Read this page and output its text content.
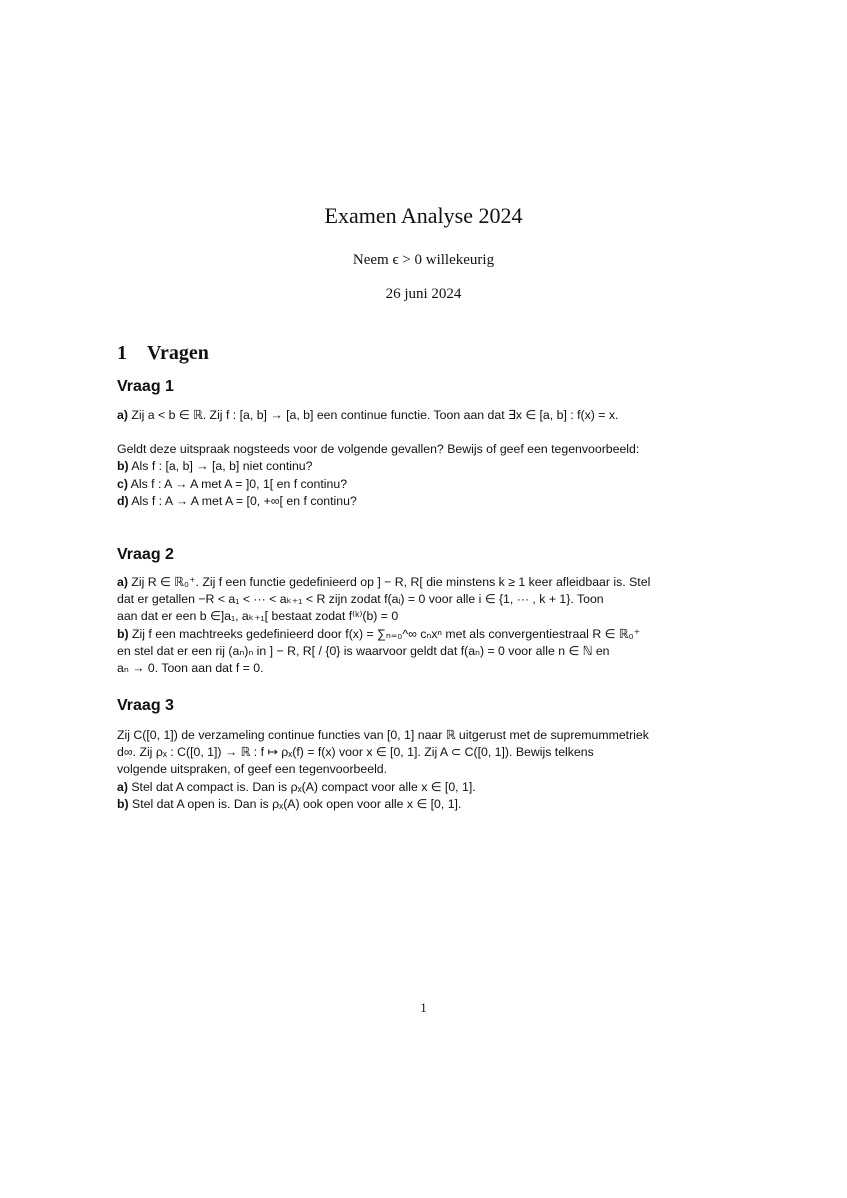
Examen Analyse 2024
Neem ϵ > 0 willekeurig
26 juni 2024
1 Vragen
Vraag 1
a) Zij a < b ∈ ℝ. Zij f : [a, b] → [a, b] een continue functie. Toon aan dat ∃x ∈ [a, b] : f(x) = x.
Geldt deze uitspraak nogsteeds voor de volgende gevallen? Bewijs of geef een tegenvoorbeeld:
b) Als f : [a, b] → [a, b] niet continu?
c) Als f : A → A met A = ]0, 1[ en f continu?
d) Als f : A → A met A = [0, +∞[ en f continu?
Vraag 2
a) Zij R ∈ ℝ₀⁺. Zij f een functie gedefinieerd op ] − R, R[ die minstens k ≥ 1 keer afleidbaar is. Stel
dat er getallen −R < a₁ < ··· < aₖ₊₁ < R zijn zodat f(aᵢ) = 0 voor alle i ∈ {1, ··· , k + 1}. Toon
aan dat er een b ∈]a₁, aₖ₊₁[ bestaat zodat f⁽ᵏ⁾(b) = 0
b) Zij f een machtreeks gedefinieerd door f(x) = ∑ₙ₌₀^∞ cₙxⁿ met als convergentiestraal R ∈ ℝ₀⁺
en stel dat er een rij (aₙ)ₙ in ] − R, R[ / {0} is waarvoor geldt dat f(aₙ) = 0 voor alle n ∈ ℕ en
aₙ → 0. Toon aan dat f = 0.
Vraag 3
Zij C([0, 1]) de verzameling continue functies van [0, 1] naar ℝ uitgerust met de supremummetriek
d∞. Zij ρₓ : C([0, 1]) → ℝ : f ↦ ρₓ(f) = f(x) voor x ∈ [0, 1]. Zij A ⊂ C([0, 1]). Bewijs telkens
volgende uitspraken, of geef een tegenvoorbeeld.
a) Stel dat A compact is. Dan is ρₓ(A) compact voor alle x ∈ [0, 1].
b) Stel dat A open is. Dan is ρₓ(A) ook open voor alle x ∈ [0, 1].
1
